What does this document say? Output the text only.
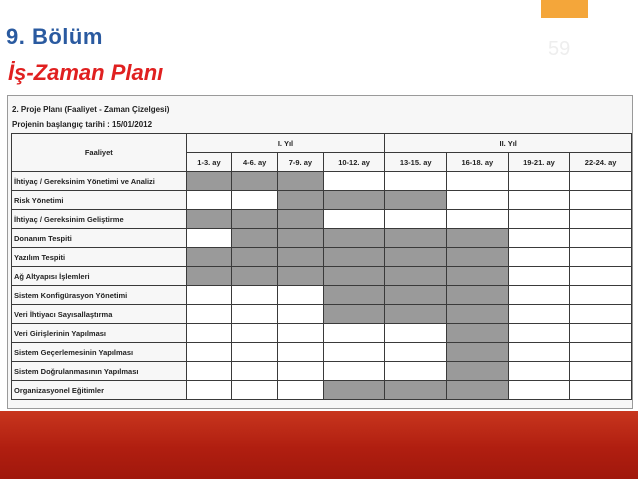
59
9. Bölüm
İş-Zaman Planı
2. Proje Planı (Faaliyet - Zaman Çizelgesi)
Projenin başlangıç tarihi : 15/01/2012
Faaliyet	I. Yıl				II. Yıl			
	1-3. ay	4-6. ay	7-9. ay	10-12. ay	13-15. ay	16-18. ay	19-21. ay	22-24. ay
İhtiyaç / Gereksinim Yönetimi ve Analizi								
Risk Yönetimi								
İhtiyaç / Gereksinim Geliştirme								
Donanım Tespiti								
Yazılım Tespiti								
Ağ Altyapısı İşlemleri								
Sistem Konfigürasyon Yönetimi								
Veri İhtiyacı Sayısallaştırma								
Veri Girişlerinin Yapılması								
Sistem Geçerlemesinin Yapılması								
Sistem Doğrulanmasının Yapılması								
Organizasyonel Eğitimler								
